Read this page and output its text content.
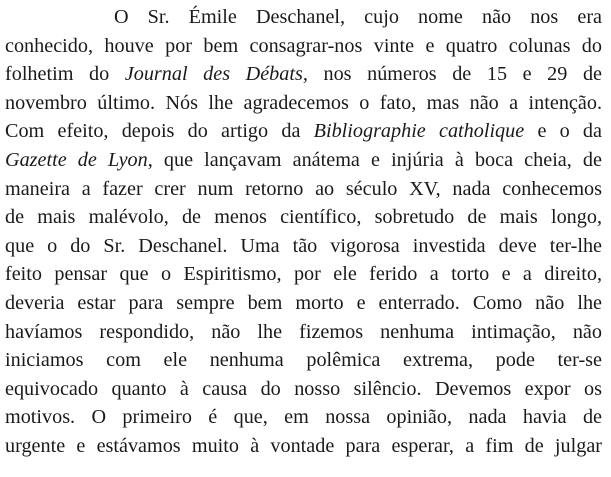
O Sr. Émile Deschanel, cujo nome não nos era
conhecido, houve por bem consagrar-nos vinte e quatro colunas do
folhetim do Journal des Débats, nos números de 15 e 29 de
novembro último. Nós lhe agradecemos o fato, mas não a intenção.
Com efeito, depois do artigo da Bibliographie catholique e o da
Gazette de Lyon, que lançavam anátema e injúria à boca cheia, de
maneira a fazer crer num retorno ao século XV, nada conhecemos
de mais malévolo, de menos científico, sobretudo de mais longo,
que o do Sr. Deschanel. Uma tão vigorosa investida deve ter-lhe
feito pensar que o Espiritismo, por ele ferido a torto e a direito,
deveria estar para sempre bem morto e enterrado. Como não lhe
havíamos respondido, não lhe fizemos nenhuma intimação, não
iniciamos com ele nenhuma polêmica extrema, pode ter-se
equivocado quanto à causa do nosso silêncio. Devemos expor os
motivos. O primeiro é que, em nossa opinião, nada havia de
urgente e estávamos muito à vontade para esperar, a fim de julgar
